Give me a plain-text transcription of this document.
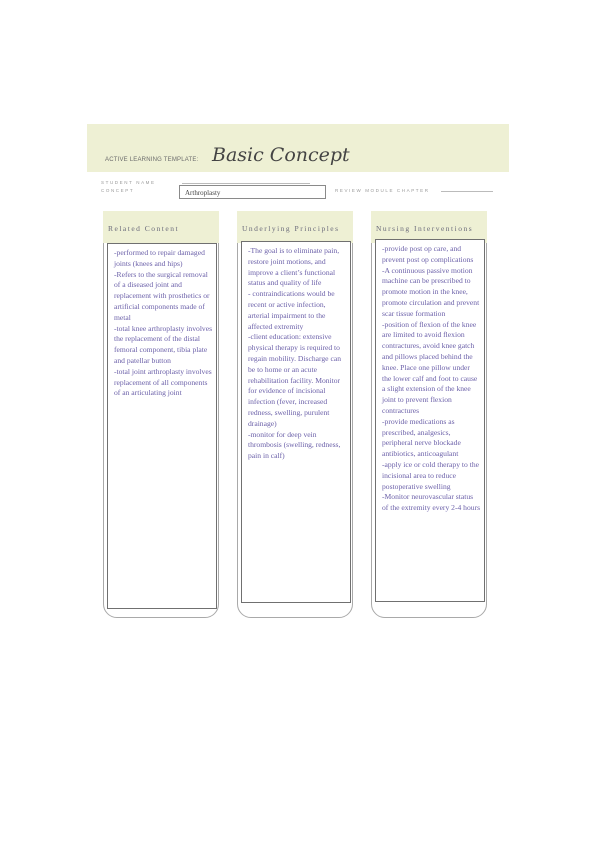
ACTIVE LEARNING TEMPLATE: Basic Concept
STUDENT NAME
CONCEPT	Arthroplasty	REVIEW MODULE CHAPTER
Related Content

-performed to repair damaged joints (knees and hips)
-Refers to the surgical removal of a diseased joint and replacement with prosthetics or artificial components made of metal
-total knee arthroplasty involves the replacement of the distal femoral component, tibia plate and patellar button
-total joint arthroplasty involves replacement of all components of an articulating joint

Underlying Principles

-The goal is to eliminate pain, restore joint motions, and improve a client’s functional status and quality of life
- contraindications would be recent or active infection, arterial impairment to the affected extremity
-client education: extensive physical therapy is required to regain mobility. Discharge can be to home or an acute rehabilitation facility. Monitor for evidence of incisional infection (fever, increased redness, swelling, purulent drainage)
-monitor for deep vein thrombosis (swelling, redness, pain in calf)

Nursing Interventions

-provide post op care, and prevent post op complications
-A continuous passive motion machine can be prescribed to promote motion in the knee, promote circulation and prevent scar tissue formation
-position of flexion of the knee are limited to avoid flexion contractures, avoid knee gatch and pillows placed behind the knee. Place one pillow under the lower calf and foot to cause a slight extension of the knee joint to prevent flexion contractures
-provide medications as prescribed, analgesics, peripheral nerve blockade antibiotics, anticoagulant
-apply ice or cold therapy to the incisional area to reduce postoperative swelling
-Monitor neurovascular status of the extremity every 2-4 hours
